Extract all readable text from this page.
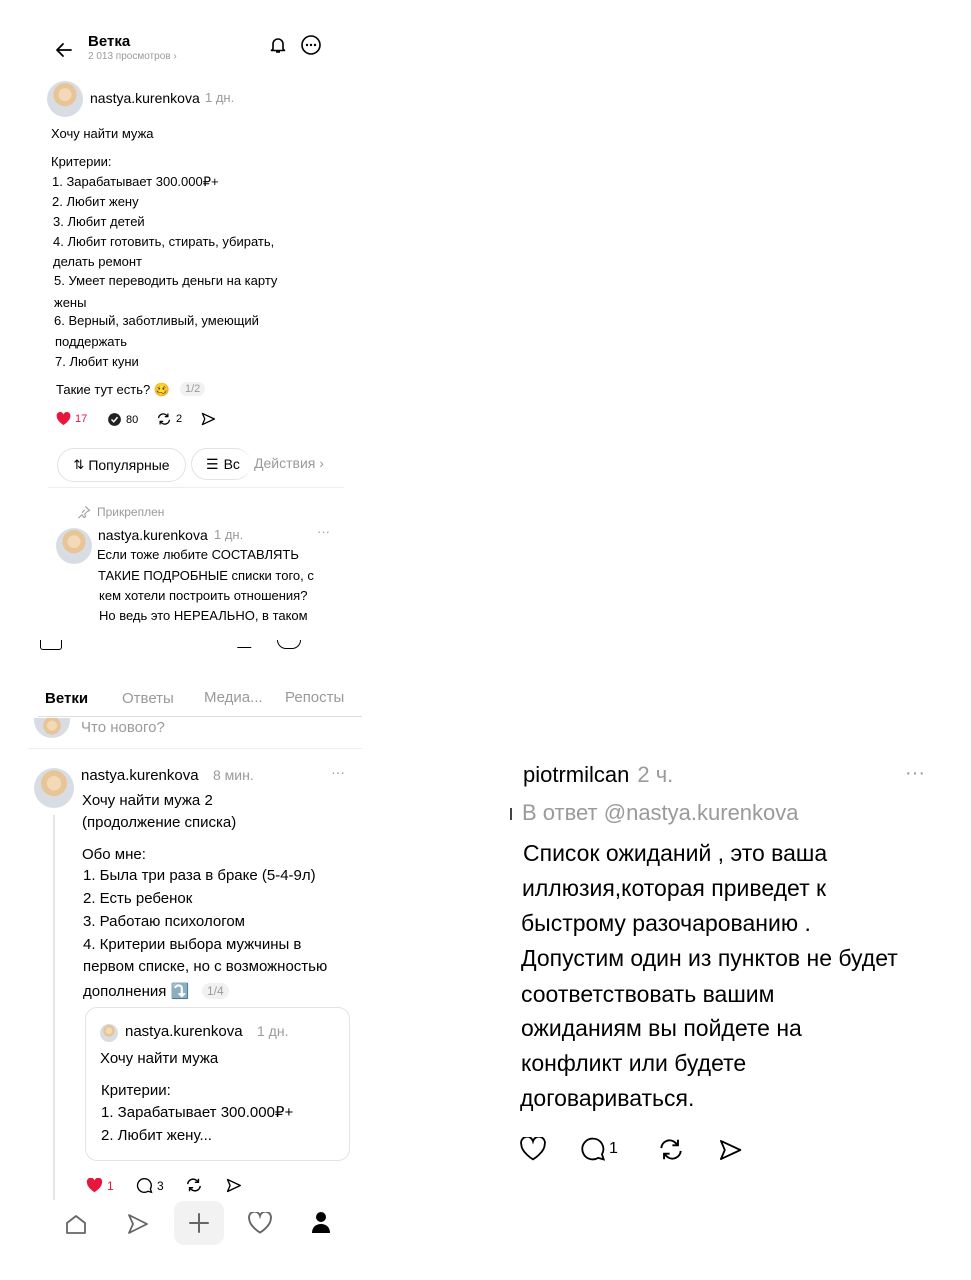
Ветка
2 013 просмотров ›
nastya.kurenkova 1 дн.
Хочу найти мужа
Критерии:
1. Зарабатывает 300.000₽+
2. Любит жену
3. Любит детей
4. Любит готовить, стирать, убирать,
делать ремонт
5. Умеет переводить деньги на карту
жены
6. Верный, заботливый, умеющий
поддержать
7. Любит куни
Такие тут есть? 🥴	1/2
17	80	2
⇅ Популярные	☰ Вс Действия ›
Прикреплен
nastya.kurenkova 1 дн.	···
Если тоже любите СОСТАВЛЯТЬ
ТАКИЕ ПОДРОБНЫЕ списки того, с
кем хотели построить отношения?
Но ведь это НЕРЕАЛЬНО, в таком
Ветки Ответы Медиа... Репосты
Что нового?
nastya.kurenkova 8 мин.	···
Хочу найти мужа 2
(продолжение списка)
Обо мне:
1. Была три раза в браке (5-4-9л)
2. Есть ребенок
3. Работаю психологом
4. Критерии выбора мужчины в
первом списке, но с возможностью
дополнения ⤵️	1/4
nastya.kurenkova 1 дн.
Хочу найти мужа
Критерии:
1. Зарабатывает 300.000₽+
2. Любит жену...
1	3
piotrmilcan 2 ч.	···
В ответ @nastya.kurenkova
Список ожиданий , это ваша
иллюзия,которая приведет к
быстрому разочарованию .
Допустим один из пунктов не будет
соответствовать вашим
ожиданиям вы пойдете на
конфликт или будете
договариваться.
1
